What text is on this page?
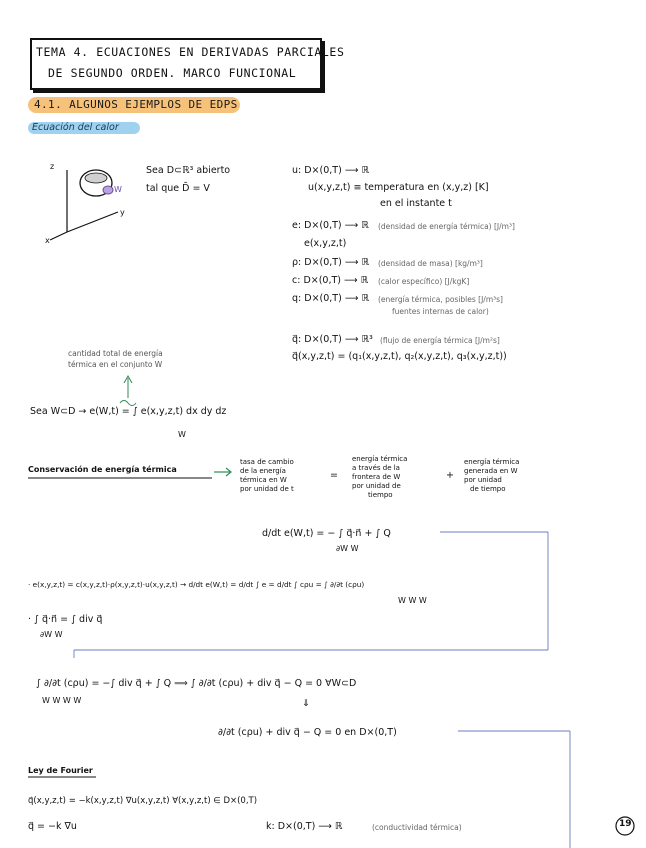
TEMA 4. ECUACIONES EN DERIVADAS PARCIALES
DE SEGUNDO ORDEN. MARCO FUNCIONAL
4.1. ALGUNOS EJEMPLOS DE EDPS
Ecuación del calor
z
y
x
W
Sea D⊂ℝ³ abierto
tal que D̄ = V
u: D×(0,T) ⟶ ℝ
u(x,y,z,t) ≡ temperatura en (x,y,z) [K]
en el instante t
e: D×(0,T) ⟶ ℝ (densidad de energía térmica) [J/m³]
e(x,y,z,t)
ρ: D×(0,T) ⟶ ℝ (densidad de masa) [kg/m³]
c: D×(0,T) ⟶ ℝ (calor específico) [J/kgK]
q: D×(0,T) ⟶ ℝ (energía térmica, posibles [J/m³s]
fuentes internas de calor)
q⃗: D×(0,T) ⟶ ℝ³ (flujo de energía térmica [J/m²s]
q⃗(x,y,z,t) = (q₁(x,y,z,t), q₂(x,y,z,t), q₃(x,y,z,t))
cantidad total de energía
térmica en el conjunto W
Sea W⊂D → e(W,t) = ∫ e(x,y,z,t) dx dy dz
W
Conservación de energía térmica
tasa de cambio
de la energía
térmica en W
por unidad de t
=
energía térmica
a través de la
frontera de W
por unidad de
tiempo
+
energía térmica
generada en W
por unidad
de tiempo
d/dt e(W,t) = − ∫ q⃗·n⃗ + ∫ Q
∂W W
· e(x,y,z,t) = c(x,y,z,t)·ρ(x,y,z,t)·u(x,y,z,t) → d/dt e(W,t) = d/dt ∫ e = d/dt ∫ cρu = ∫ ∂/∂t (cρu)
W W W
· ∫ q⃗·n⃗ = ∫ div q⃗
∂W W
∫ ∂/∂t (cρu) = −∫ div q⃗ + ∫ Q ⟹ ∫ ∂/∂t (cρu) + div q⃗ − Q = 0 ∀W⊂D
W W W W	⇓
∂/∂t (cρu) + div q⃗ − Q = 0 en D×(0,T)
Ley de Fourier
q⃗(x,y,z,t) = −k(x,y,z,t) ∇u(x,y,z,t) ∀(x,y,z,t) ∈ D×(0,T)
q⃗ = −k ∇u	k: D×(0,T) ⟶ ℝ	(conductividad térmica)	19
